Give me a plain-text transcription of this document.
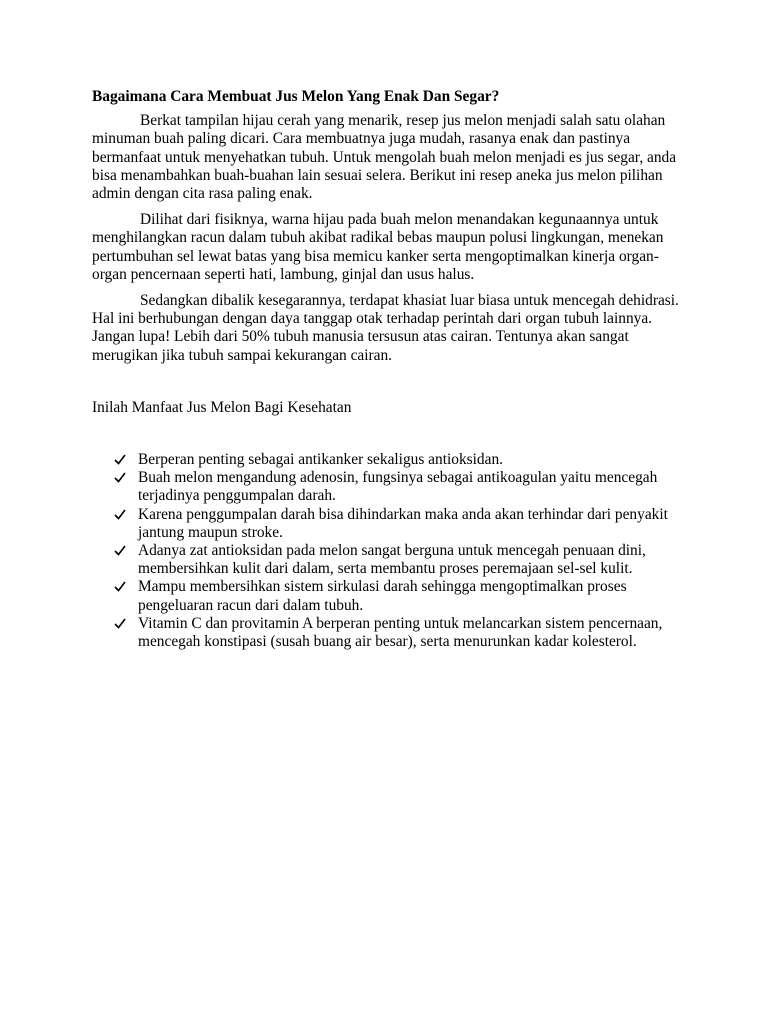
Bagaimana Cara Membuat Jus Melon Yang Enak Dan Segar?

Berkat tampilan hijau cerah yang menarik, resep jus melon menjadi salah satu olahan minuman buah paling dicari. Cara membuatnya juga mudah, rasanya enak dan pastinya bermanfaat untuk menyehatkan tubuh. Untuk mengolah buah melon menjadi es jus segar, anda bisa menambahkan buah-buahan lain sesuai selera. Berikut ini resep aneka jus melon pilihan admin dengan cita rasa paling enak.

Dilihat dari fisiknya, warna hijau pada buah melon menandakan kegunaannya untuk menghilangkan racun dalam tubuh akibat radikal bebas maupun polusi lingkungan, menekan pertumbuhan sel lewat batas yang bisa memicu kanker serta mengoptimalkan kinerja organ-organ pencernaan seperti hati, lambung, ginjal dan usus halus.

Sedangkan dibalik kesegarannya, terdapat khasiat luar biasa untuk mencegah dehidrasi. Hal ini berhubungan dengan daya tanggap otak terhadap perintah dari organ tubuh lainnya. Jangan lupa! Lebih dari 50% tubuh manusia tersusun atas cairan. Tentunya akan sangat merugikan jika tubuh sampai kekurangan cairan.

Inilah Manfaat Jus Melon Bagi Kesehatan
Berperan penting sebagai antikanker sekaligus antioksidan.
Buah melon mengandung adenosin, fungsinya sebagai antikoagulan yaitu mencegah terjadinya penggumpalan darah.
Karena penggumpalan darah bisa dihindarkan maka anda akan terhindar dari penyakit jantung maupun stroke.
Adanya zat antioksidan pada melon sangat berguna untuk mencegah penuaan dini, membersihkan kulit dari dalam, serta membantu proses peremajaan sel-sel kulit.
Mampu membersihkan sistem sirkulasi darah sehingga mengoptimalkan proses pengeluaran racun dari dalam tubuh.
Vitamin C dan provitamin A berperan penting untuk melancarkan sistem pencernaan, mencegah konstipasi (susah buang air besar), serta menurunkan kadar kolesterol.
